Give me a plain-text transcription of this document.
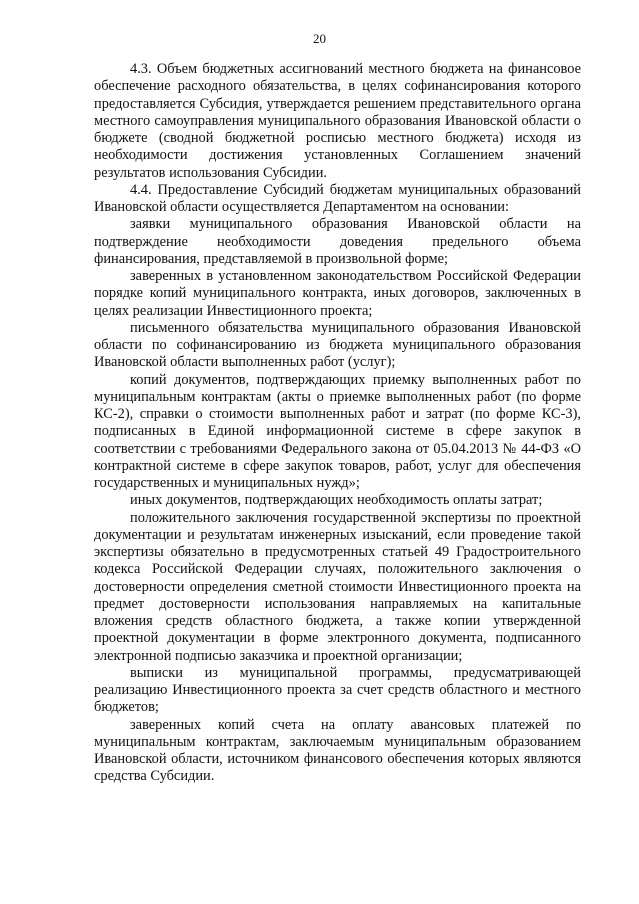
20

4.3. Объем бюджетных ассигнований местного бюджета на финансовое обеспечение расходного обязательства, в целях софинансирования которого предоставляется Субсидия, утверждается решением представительного органа местного самоуправления муниципального образования Ивановской области о бюджете (сводной бюджетной росписью местного бюджета) исходя из необходимости достижения установленных Соглашением значений результатов использования Субсидии.

4.4. Предоставление Субсидий бюджетам муниципальных образований Ивановской области осуществляется Департаментом на основании:

заявки муниципального образования Ивановской области на подтверждение необходимости доведения предельного объема финансирования, представляемой в произвольной форме;

заверенных в установленном законодательством Российской Федерации порядке копий муниципального контракта, иных договоров, заключенных в целях реализации Инвестиционного проекта;

письменного обязательства муниципального образования Ивановской области по софинансированию из бюджета муниципального образования Ивановской области выполненных работ (услуг);

копий документов, подтверждающих приемку выполненных работ по муниципальным контрактам (акты о приемке выполненных работ (по форме КС-2), справки о стоимости выполненных работ и затрат (по форме КС-3), подписанных в Единой информационной системе в сфере закупок в соответствии с требованиями Федерального закона от 05.04.2013 № 44-ФЗ «О контрактной системе в сфере закупок товаров, работ, услуг для обеспечения государственных и муниципальных нужд»;

иных документов, подтверждающих необходимость оплаты затрат;

положительного заключения государственной экспертизы по проектной документации и результатам инженерных изысканий, если проведение такой экспертизы обязательно в предусмотренных статьей 49 Градостроительного кодекса Российской Федерации случаях, положительного заключения о достоверности определения сметной стоимости Инвестиционного проекта на предмет достоверности использования направляемых на капитальные вложения средств областного бюджета, а также копии утвержденной проектной документации в форме электронного документа, подписанного электронной подписью заказчика и проектной организации;

выписки из муниципальной программы, предусматривающей реализацию Инвестиционного проекта за счет средств областного и местного бюджетов;

заверенных копий счета на оплату авансовых платежей по муниципальным контрактам, заключаемым муниципальным образованием Ивановской области, источником финансового обеспечения которых являются средства Субсидии.
